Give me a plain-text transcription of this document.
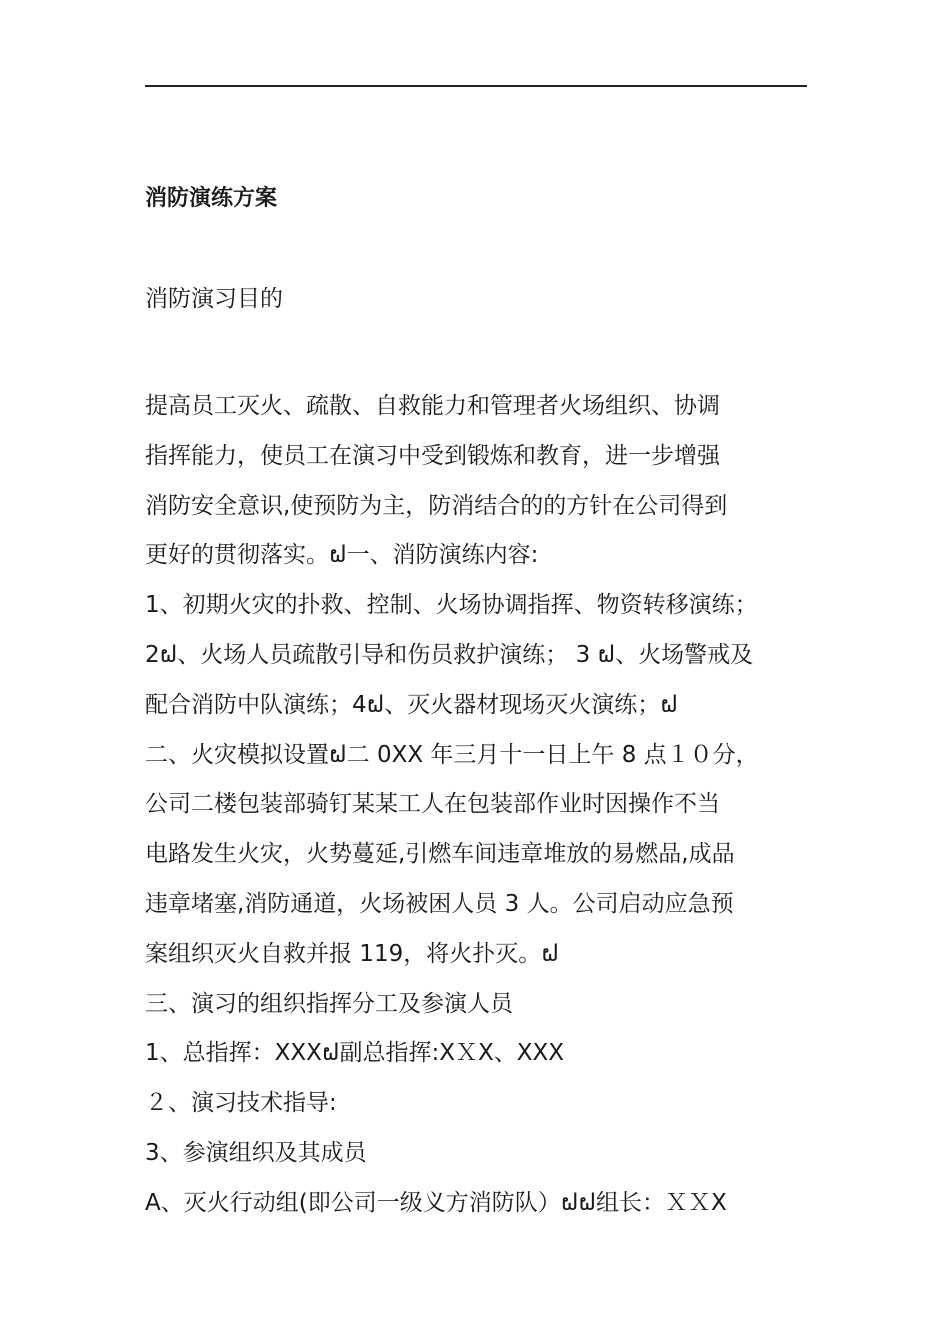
消防演练方案
消防演习目的
提高员工灭火、疏散、自救能力和管理者火场组织、协调
指挥能力，使员工在演习中受到锻炼和教育，进一步增强
消防安全意识,使预防为主，防消结合的的方针在公司得到
更好的贯彻落实。ຝ一、消防演练内容:
1、初期火灾的扑救、控制、火场协调指挥、物资转移演练；
2ຝ、火场人员疏散引导和伤员救护演练； 3 ຝ、火场警戒及
配合消防中队演练；4ຝ、灭火器材现场灭火演练；ຝ
二、火灾模拟设置ຝ二 0XX 年三月十一日上午 8 点１０分，
公司二楼包装部骑钉某某工人在包装部作业时因操作不当
电路发生火灾，火势蔓延,引燃车间违章堆放的易燃品,成品
违章堵塞,消防通道，火场被困人员 3 人。公司启动应急预
案组织灭火自救并报 119，将火扑灭。ຝ
三、演习的组织指挥分工及参演人员
1、总指挥：XXXຝ副总指挥:XＸX、XXX
２、演习技术指导:
3、参演组织及其成员
A、灭火行动组(即公司一级义方消防队）ຝຝ组长：ＸＸX
